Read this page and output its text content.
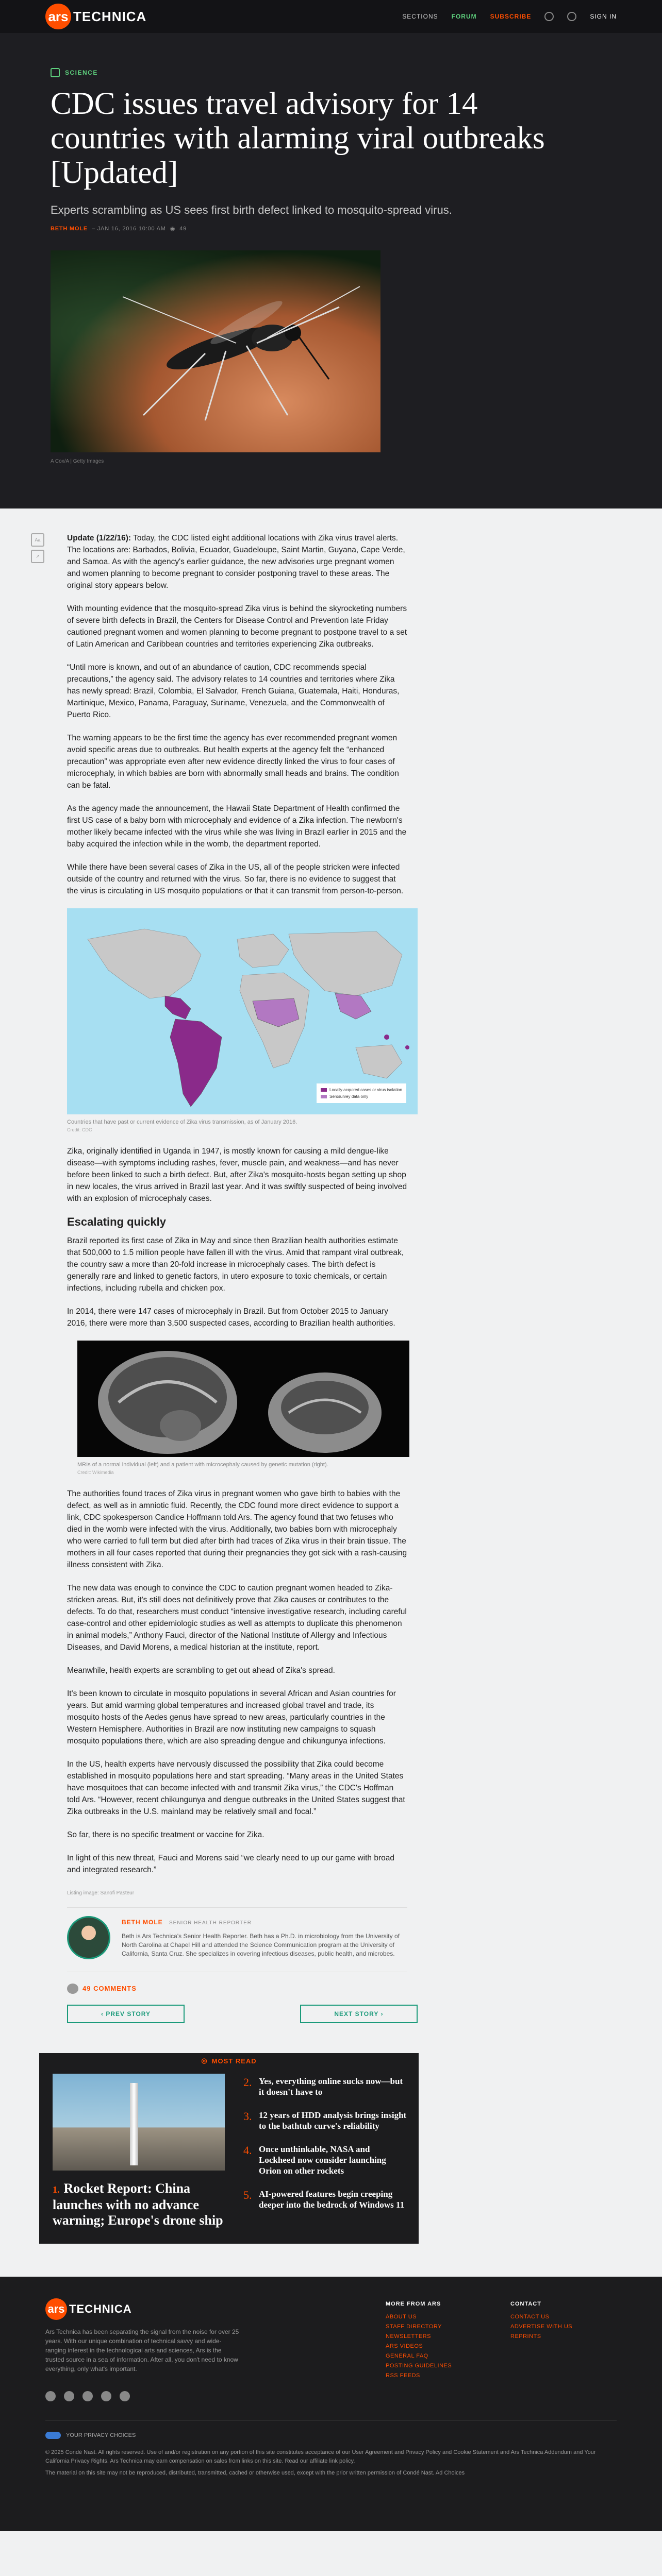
ars TECHNICA	SECTIONS FORUM SUBSCRIBE	SIGN IN
SCIENCE
CDC issues travel advisory for 14 countries with alarming viral outbreaks [Updated]
Experts scrambling as US sees first birth defect linked to mosquito-spread virus.
BETH MOLE – JAN 16, 2016 10:00 AM ◉ 49
A Cox/A | Getty Images
Aa
↗

Update (1/22/16): Today, the CDC listed eight additional locations with Zika virus travel alerts. The locations are: Barbados, Bolivia, Ecuador, Guadeloupe, Saint Martin, Guyana, Cape Verde, and Samoa. As with the agency's earlier guidance, the new advisories urge pregnant women and women planning to become pregnant to consider postponing travel to these areas. The original story appears below.

With mounting evidence that the mosquito-spread Zika virus is behind the skyrocketing numbers of severe birth defects in Brazil, the Centers for Disease Control and Prevention late Friday cautioned pregnant women and women planning to become pregnant to postpone travel to a set of Latin American and Caribbean countries and territories experiencing Zika outbreaks.

“Until more is known, and out of an abundance of caution, CDC recommends special precautions,” the agency said. The advisory relates to 14 countries and territories where Zika has newly spread: Brazil, Colombia, El Salvador, French Guiana, Guatemala, Haiti, Honduras, Martinique, Mexico, Panama, Paraguay, Suriname, Venezuela, and the Commonwealth of Puerto Rico.

The warning appears to be the first time the agency has ever recommended pregnant women avoid specific areas due to outbreaks. But health experts at the agency felt the “enhanced precaution” was appropriate even after new evidence directly linked the virus to four cases of microcephaly, in which babies are born with abnormally small heads and brains. The condition can be fatal.

As the agency made the announcement, the Hawaii State Department of Health confirmed the first US case of a baby born with microcephaly and evidence of a Zika infection. The newborn's mother likely became infected with the virus while she was living in Brazil earlier in 2015 and the baby acquired the infection while in the womb, the department reported.

While there have been several cases of Zika in the US, all of the people stricken were infected outside of the country and returned with the virus. So far, there is no evidence to suggest that the virus is circulating in US mosquito populations or that it can transmit from person-to-person.

Locally acquired cases or virus isolation
Serosurvey data only
Countries that have past or current evidence of Zika virus transmission, as of January 2016.
Credit: CDC

Zika, originally identified in Uganda in 1947, is mostly known for causing a mild dengue-like disease—with symptoms including rashes, fever, muscle pain, and weakness—and has never before been linked to such a birth defect. But, after Zika's mosquito-hosts began setting up shop in new locales, the virus arrived in Brazil last year. And it was swiftly suspected of being involved with an explosion of microcephaly cases.

Escalating quickly

Brazil reported its first case of Zika in May and since then Brazilian health authorities estimate that 500,000 to 1.5 million people have fallen ill with the virus. Amid that rampant viral outbreak, the country saw a more than 20-fold increase in microcephaly cases. The birth defect is generally rare and linked to genetic factors, in utero exposure to toxic chemicals, or certain infections, including rubella and chicken pox.

In 2014, there were 147 cases of microcephaly in Brazil. But from October 2015 to January 2016, there were more than 3,500 suspected cases, according to Brazilian health authorities.

MRIs of a normal individual (left) and a patient with microcephaly caused by genetic mutation (right).
Credit: Wikimedia

The authorities found traces of Zika virus in pregnant women who gave birth to babies with the defect, as well as in amniotic fluid. Recently, the CDC found more direct evidence to support a link, CDC spokesperson Candice Hoffmann told Ars. The agency found that two fetuses who died in the womb were infected with the virus. Additionally, two babies born with microcephaly who were carried to full term but died after birth had traces of Zika virus in their brain tissue. The mothers in all four cases reported that during their pregnancies they got sick with a rash-causing illness consistent with Zika.

The new data was enough to convince the CDC to caution pregnant women headed to Zika-stricken areas. But, it's still does not definitively prove that Zika causes or contributes to the defects. To do that, researchers must conduct “intensive investigative research, including careful case-control and other epidemiologic studies as well as attempts to duplicate this phenomenon in animal models,” Anthony Fauci, director of the National Institute of Allergy and Infectious Diseases, and David Morens, a medical historian at the institute, report.

Meanwhile, health experts are scrambling to get out ahead of Zika's spread.

It's been known to circulate in mosquito populations in several African and Asian countries for years. But amid warming global temperatures and increased global travel and trade, its mosquito hosts of the Aedes genus have spread to new areas, particularly countries in the Western Hemisphere. Authorities in Brazil are now instituting new campaigns to squash mosquito populations there, which are also spreading dengue and chikungunya infections.

In the US, health experts have nervously discussed the possibility that Zika could become established in mosquito populations here and start spreading. “Many areas in the United States have mosquitoes that can become infected with and transmit Zika virus,” the CDC's Hoffman told Ars. “However, recent chikungunya and dengue outbreaks in the United States suggest that Zika outbreaks in the U.S. mainland may be relatively small and focal.”

So far, there is no specific treatment or vaccine for Zika.

In light of this new threat, Fauci and Morens said “we clearly need to up our game with broad and integrated research.”

Listing image: Sanofi Pasteur
BETH MOLE SENIOR HEALTH REPORTER
Beth is Ars Technica's Senior Health Reporter. Beth has a Ph.D. in microbiology from the University of North Carolina at Chapel Hill and attended the Science Communication program at the University of California, Santa Cruz. She specializes in covering infectious diseases, public health, and microbes.
49 COMMENTS
‹ PREV STORY	NEXT STORY ›
◎ MOST READ
1. Rocket Report: China launches with no advance warning; Europe's drone ship
2. Yes, everything online sucks now—but it doesn't have to
3. 12 years of HDD analysis brings insight to the bathtub curve's reliability
4. Once unthinkable, NASA and Lockheed now consider launching Orion on other rockets
5. AI-powered features begin creeping deeper into the bedrock of Windows 11
ars TECHNICA
Ars Technica has been separating the signal from the noise for over 25 years. With our unique combination of technical savvy and wide-ranging interest in the technological arts and sciences, Ars is the trusted source in a sea of information. After all, you don't need to know everything, only what's important.
MORE FROM ARS
ABOUT US
STAFF DIRECTORY
NEWSLETTERS
ARS VIDEOS
GENERAL FAQ
POSTING GUIDELINES
RSS FEEDS
CONTACT
CONTACT US
ADVERTISE WITH US
REPRINTS
YOUR PRIVACY CHOICES
© 2025 Condé Nast. All rights reserved. Use of and/or registration on any portion of this site constitutes acceptance of our User Agreement and Privacy Policy and Cookie Statement and Ars Technica Addendum and Your California Privacy Rights. Ars Technica may earn compensation on sales from links on this site. Read our affiliate link policy.
The material on this site may not be reproduced, distributed, transmitted, cached or otherwise used, except with the prior written permission of Condé Nast. Ad Choices
